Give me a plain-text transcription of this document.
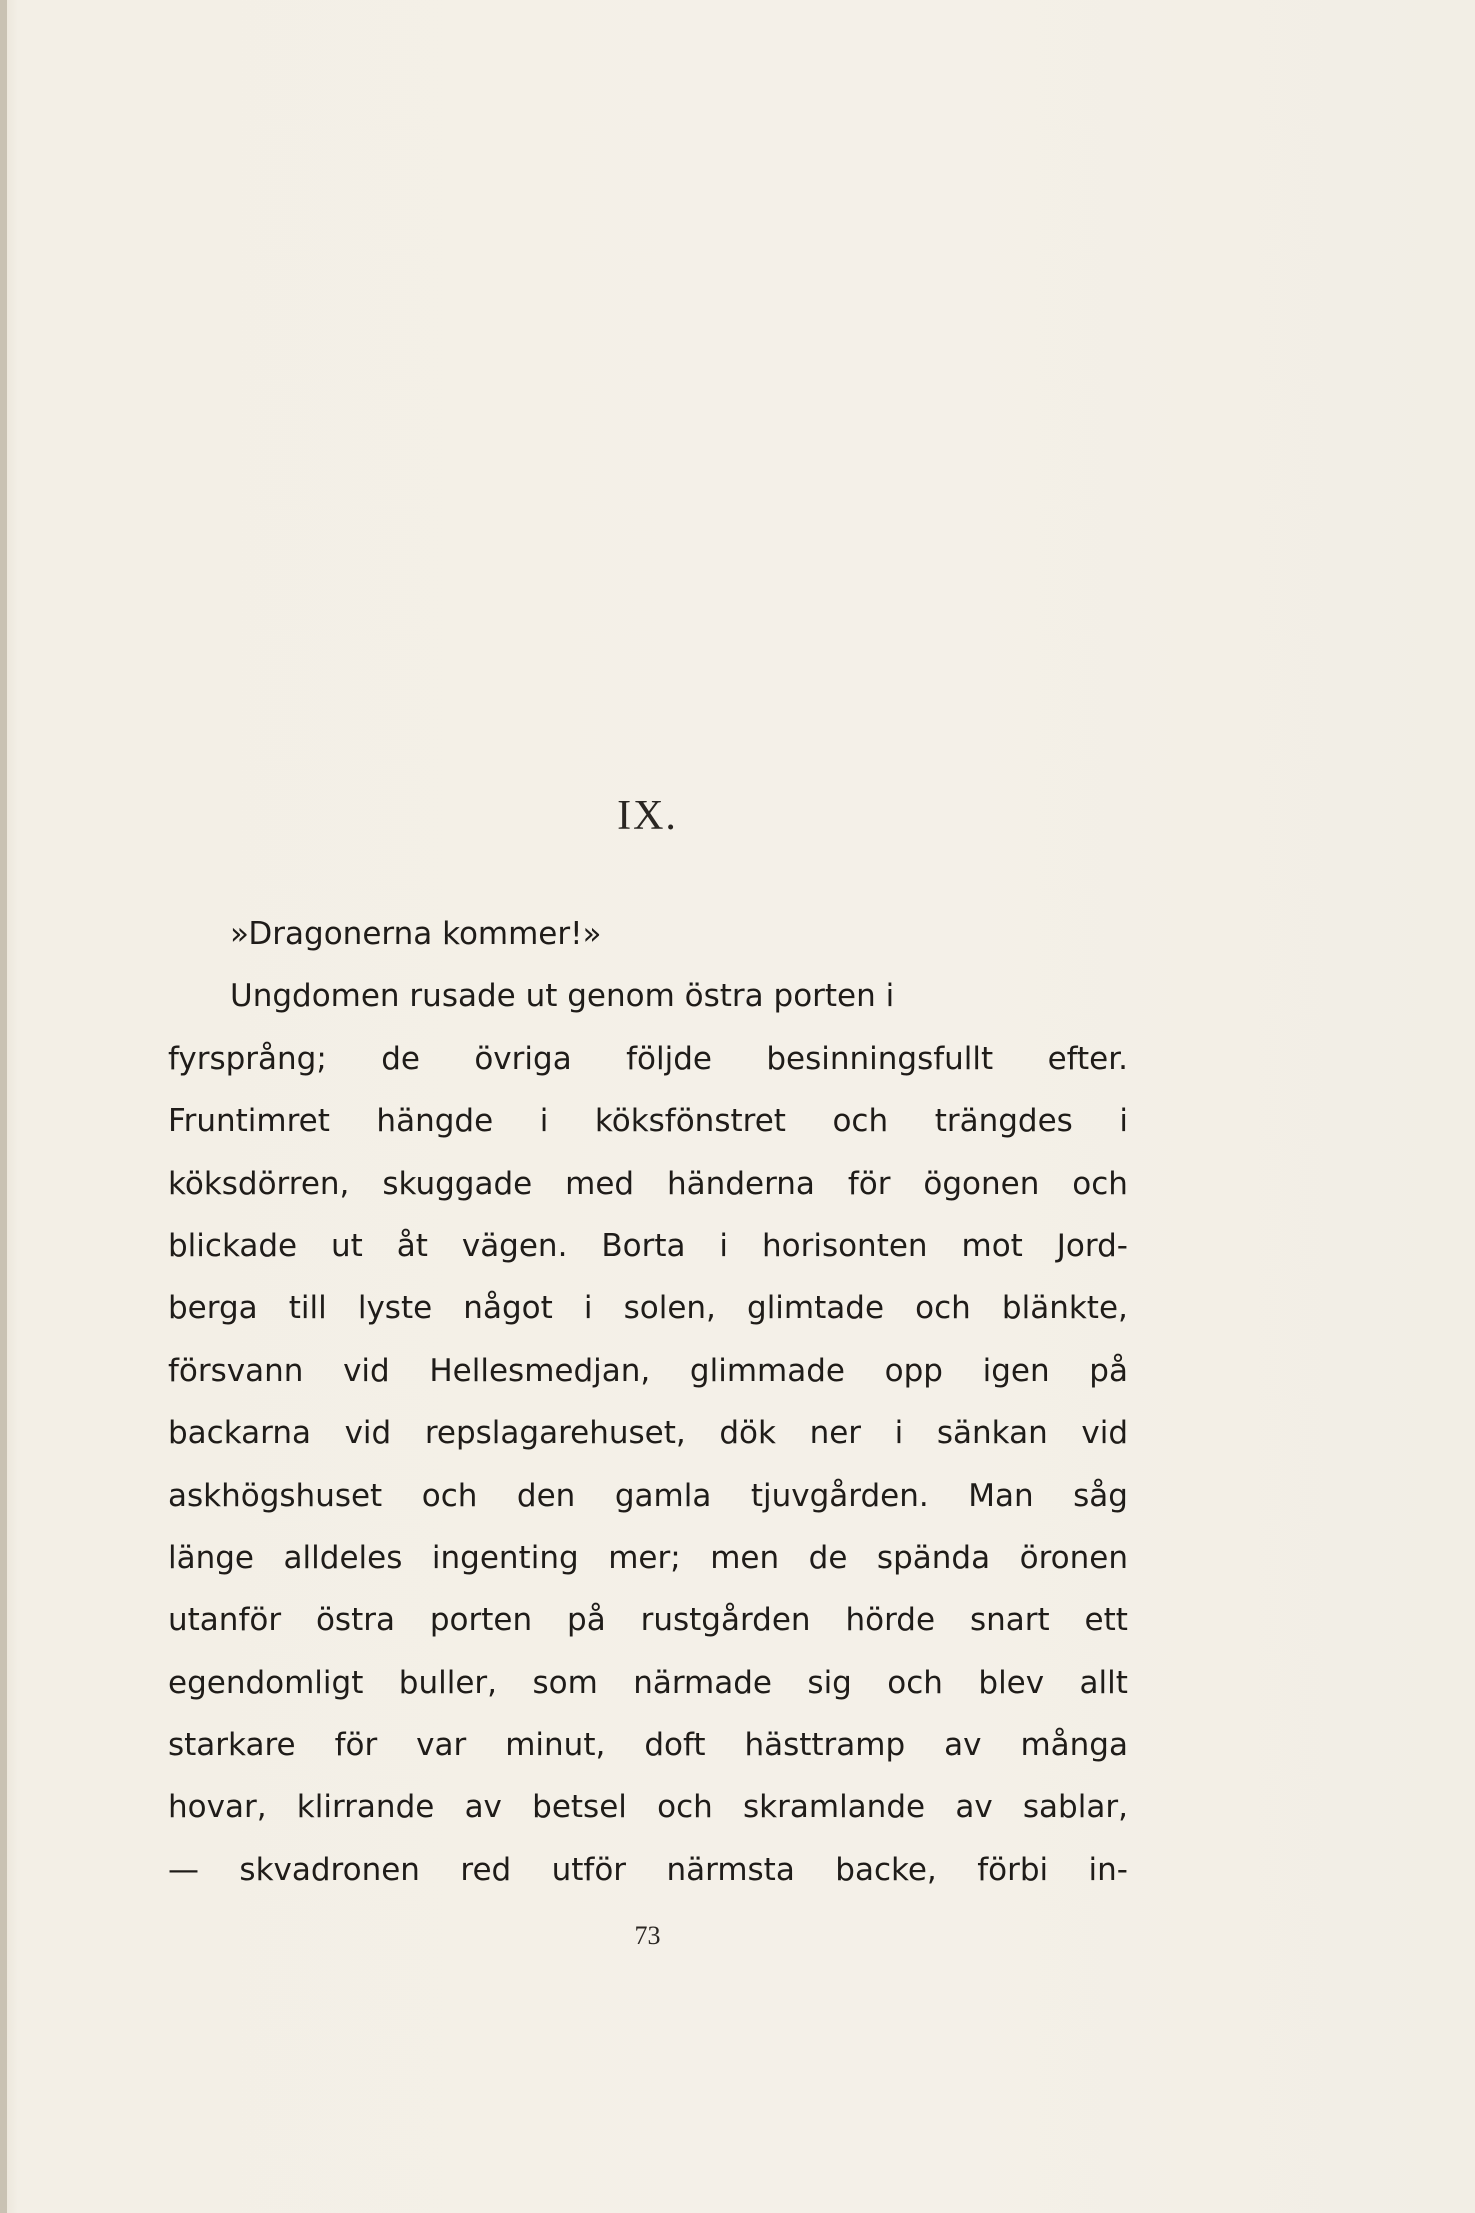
IX.
»Dragonerna kommer!»
Ungdomen rusade ut genom östra porten i
fyrsprång; de övriga följde besinningsfullt efter.
Fruntimret hängde i köksfönstret och trängdes i
köksdörren, skuggade med händerna för ögonen och
blickade ut åt vägen. Borta i horisonten mot Jord-
berga till lyste något i solen, glimtade och blänkte,
försvann vid Hellesmedjan, glimmade opp igen på
backarna vid repslagarehuset, dök ner i sänkan vid
askhögshuset och den gamla tjuvgården. Man såg
länge alldeles ingenting mer; men de spända öronen
utanför östra porten på rustgården hörde snart ett
egendomligt buller, som närmade sig och blev allt
starkare för var minut, doft hästtramp av många
hovar, klirrande av betsel och skramlande av sablar,
— skvadronen red utför närmsta backe, förbi in-
73
